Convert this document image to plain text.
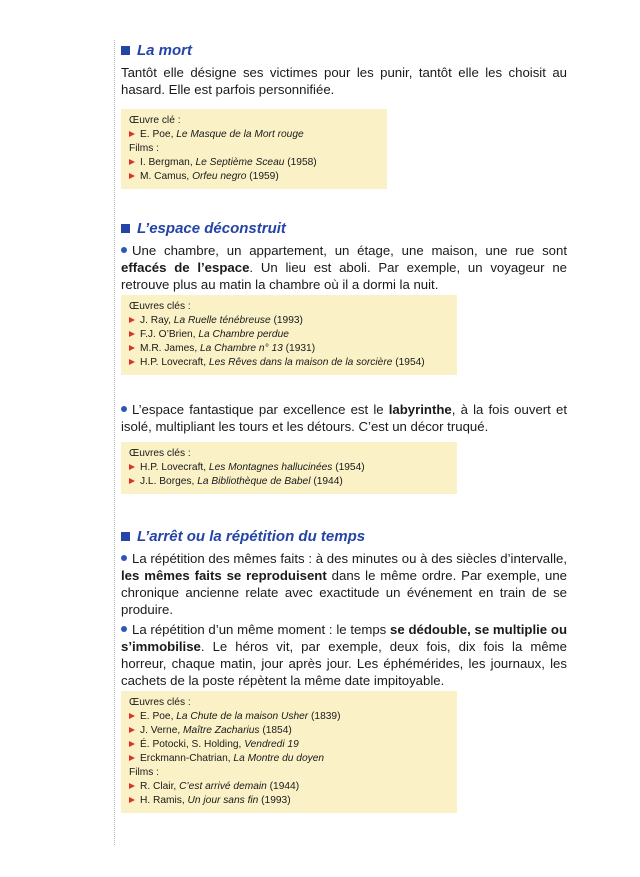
La mort

Tantôt elle désigne ses victimes pour les punir, tantôt elle les choisit au hasard. Elle est parfois personnifiée.

Œuvre clé :
E. Poe, Le Masque de la Mort rouge
Films :
I. Bergman, Le Septième Sceau (1958)
M. Camus, Orfeu negro (1959)
L’espace déconstruit

Une chambre, un appartement, un étage, une maison, une rue sont effacés de l’espace. Un lieu est aboli. Par exemple, un voyageur ne retrouve plus au matin la chambre où il a dormi la nuit.

Œuvres clés :
J. Ray, La Ruelle ténébreuse (1993)
F.J. O’Brien, La Chambre perdue
M.R. James, La Chambre n° 13 (1931)
H.P. Lovecraft, Les Rêves dans la maison de la sorcière (1954)

L’espace fantastique par excellence est le labyrinthe, à la fois ouvert et isolé, multipliant les tours et les détours. C’est un décor truqué.

Œuvres clés :
H.P. Lovecraft, Les Montagnes hallucinées (1954)
J.L. Borges, La Bibliothèque de Babel (1944)
L’arrêt ou la répétition du temps

La répétition des mêmes faits : à des minutes ou à des siècles d’intervalle, les mêmes faits se reproduisent dans le même ordre. Par exemple, une chronique ancienne relate avec exactitude un événement en train de se produire.

La répétition d’un même moment : le temps se dédouble, se multiplie ou s’immobilise. Le héros vit, par exemple, deux fois, dix fois la même horreur, chaque matin, jour après jour. Les éphémérides, les journaux, les cachets de la poste répètent la même date impitoyable.

Œuvres clés :
E. Poe, La Chute de la maison Usher (1839)
J. Verne, Maître Zacharius (1854)
É. Potocki, S. Holding, Vendredi 19
Erckmann-Chatrian, La Montre du doyen
Films :
R. Clair, C’est arrivé demain (1944)
H. Ramis, Un jour sans fin (1993)
